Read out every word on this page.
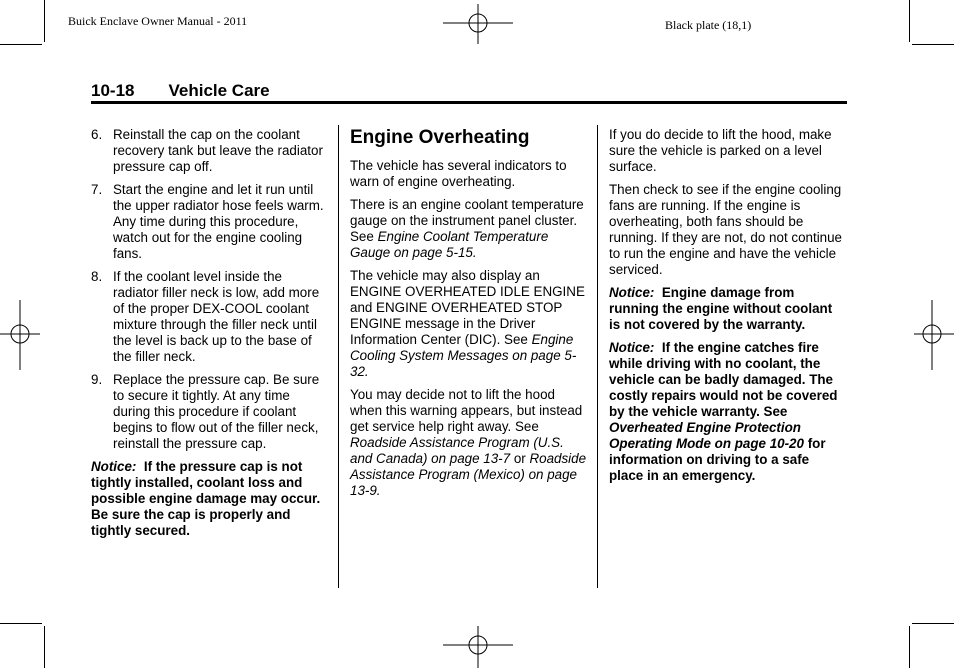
Buick Enclave Owner Manual - 2011	Black plate (18,1)
10-18 Vehicle Care
6. Reinstall the cap on the coolant recovery tank but leave the radiator pressure cap off.
7. Start the engine and let it run until the upper radiator hose feels warm. Any time during this procedure, watch out for the engine cooling fans.
8. If the coolant level inside the radiator filler neck is low, add more of the proper DEX-COOL coolant mixture through the filler neck until the level is back up to the base of the filler neck.
9. Replace the pressure cap. Be sure to secure it tightly. At any time during this procedure if coolant begins to flow out of the filler neck, reinstall the pressure cap.

Notice: If the pressure cap is not tightly installed, coolant loss and possible engine damage may occur. Be sure the cap is properly and tightly secured.

Engine Overheating

The vehicle has several indicators to warn of engine overheating.

There is an engine coolant temperature gauge on the instrument panel cluster. See Engine Coolant Temperature Gauge on page 5-15.

The vehicle may also display an ENGINE OVERHEATED IDLE ENGINE and ENGINE OVERHEATED STOP ENGINE message in the Driver Information Center (DIC). See Engine Cooling System Messages on page 5-32.

You may decide not to lift the hood when this warning appears, but instead get service help right away. See Roadside Assistance Program (U.S. and Canada) on page 13-7 or Roadside Assistance Program (Mexico) on page 13-9.

If you do decide to lift the hood, make sure the vehicle is parked on a level surface.

Then check to see if the engine cooling fans are running. If the engine is overheating, both fans should be running. If they are not, do not continue to run the engine and have the vehicle serviced.

Notice: Engine damage from running the engine without coolant is not covered by the warranty.

Notice: If the engine catches fire while driving with no coolant, the vehicle can be badly damaged. The costly repairs would not be covered by the vehicle warranty. See Overheated Engine Protection Operating Mode on page 10-20 for information on driving to a safe place in an emergency.
